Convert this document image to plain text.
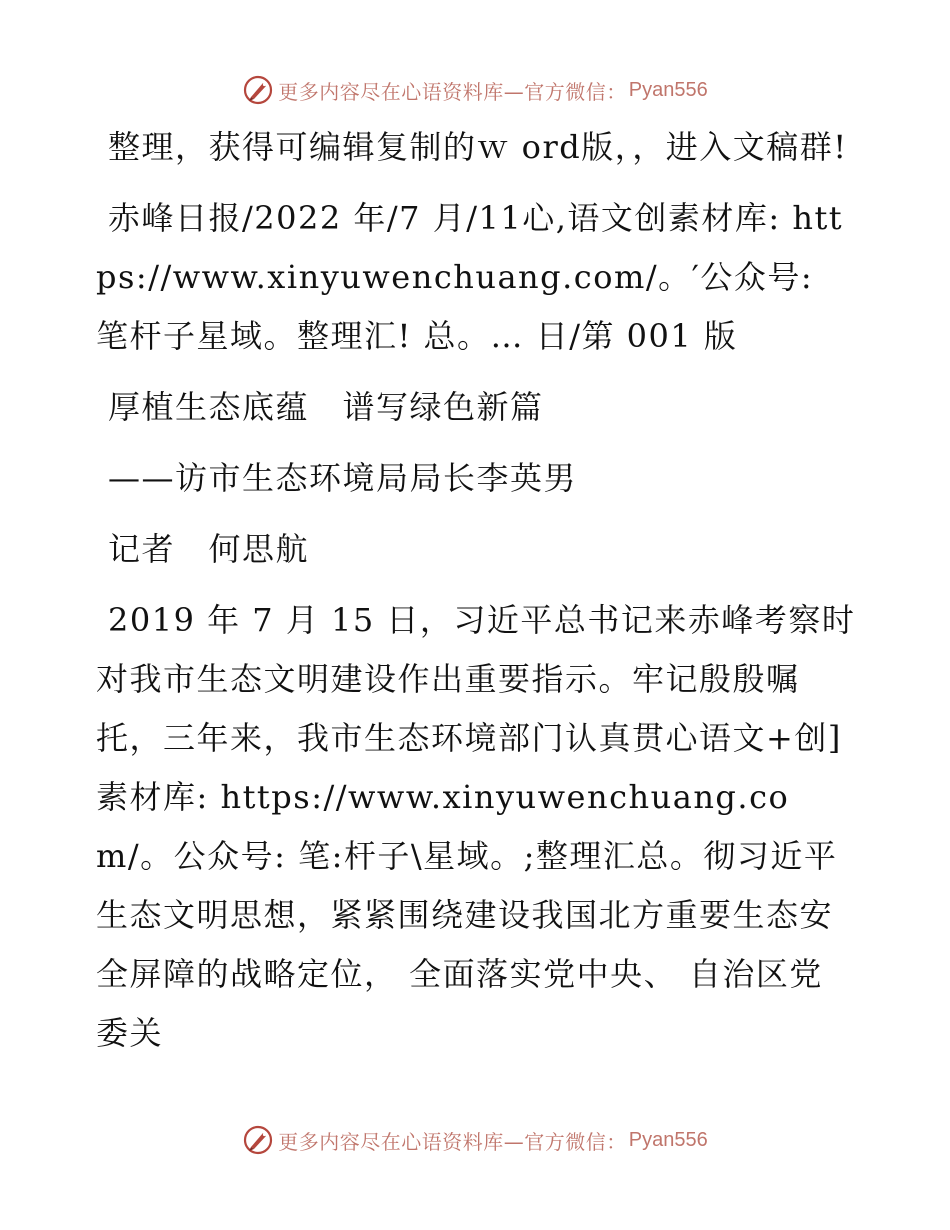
更多内容尽在心语资料库—官方微信： Pyan556

整理，获得可编辑复制的ｗ ord版，，进入文稿群!

赤峰日报/2022 年/7 月/11心,语文创素材库: https://www.xinyuwenchuang.com/。′公众号: 笔杆子星域。整理汇! 总。… 日/第 001 版

厚植生态底蕴　谱写绿色新篇

——访市生态环境局局长李英男

记者　何思航

2019 年 7 月 15 日，习近平总书记来赤峰考察时对我市生态文明建设作出重要指示。牢记殷殷嘱托，三年来，我市生态环境部门认真贯心语文+创]素材库: https://www.xinyuwenchuang.com/。公众号: 笔:杆子\星域。;整理汇总。彻习近平生态文明思想，紧紧围绕建设我国北方重要生态安全屏障的战略定位， 全面落实党中央、 自治区党委关

更多内容尽在心语资料库—官方微信： Pyan556
